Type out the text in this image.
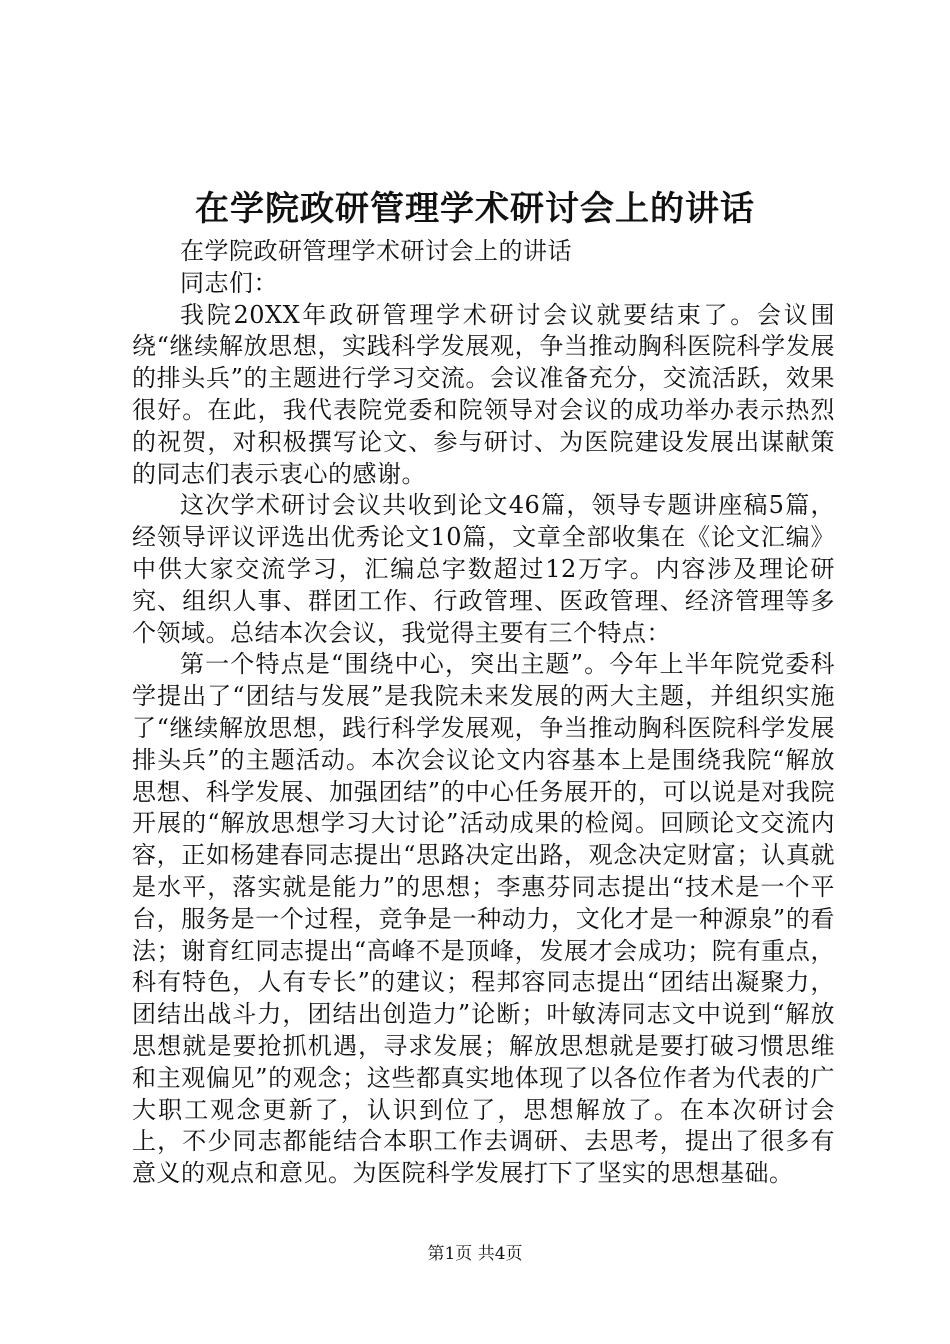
在学院政研管理学术研讨会上的讲话

在学院政研管理学术研讨会上的讲话

同志们：

我院20XX年政研管理学术研讨会议就要结束了。会议围绕“继续解放思想，实践科学发展观，争当推动胸科医院科学发展的排头兵”的主题进行学习交流。会议准备充分，交流活跃，效果很好。在此，我代表院党委和院领导对会议的成功举办表示热烈的祝贺，对积极撰写论文、参与研讨、为医院建设发展出谋献策的同志们表示衷心的感谢。

这次学术研讨会议共收到论文46篇，领导专题讲座稿5篇，经领导评议评选出优秀论文10篇，文章全部收集在《论文汇编》中供大家交流学习，汇编总字数超过12万字。内容涉及理论研究、组织人事、群团工作、行政管理、医政管理、经济管理等多个领域。总结本次会议，我觉得主要有三个特点：

第一个特点是“围绕中心，突出主题”。今年上半年院党委科学提出了“团结与发展”是我院未来发展的两大主题，并组织实施了“继续解放思想，践行科学发展观，争当推动胸科医院科学发展排头兵”的主题活动。本次会议论文内容基本上是围绕我院“解放思想、科学发展、加强团结”的中心任务展开的，可以说是对我院开展的“解放思想学习大讨论”活动成果的检阅。回顾论文交流内容，正如杨建春同志提出“思路决定出路，观念决定财富；认真就是水平，落实就是能力”的思想；李惠芬同志提出“技术是一个平台，服务是一个过程，竞争是一种动力，文化才是一种源泉”的看法；谢育红同志提出“高峰不是顶峰，发展才会成功；院有重点，科有特色，人有专长”的建议；程邦容同志提出“团结出凝聚力，团结出战斗力，团结出创造力”论断；叶敏涛同志文中说到“解放思想就是要抢抓机遇，寻求发展；解放思想就是要打破习惯思维和主观偏见”的观念；这些都真实地体现了以各位作者为代表的广大职工观念更新了，认识到位了，思想解放了。在本次研讨会上，不少同志都能结合本职工作去调研、去思考，提出了很多有意义的观点和意见。为医院科学发展打下了坚实的思想基础。

第1页 共4页
